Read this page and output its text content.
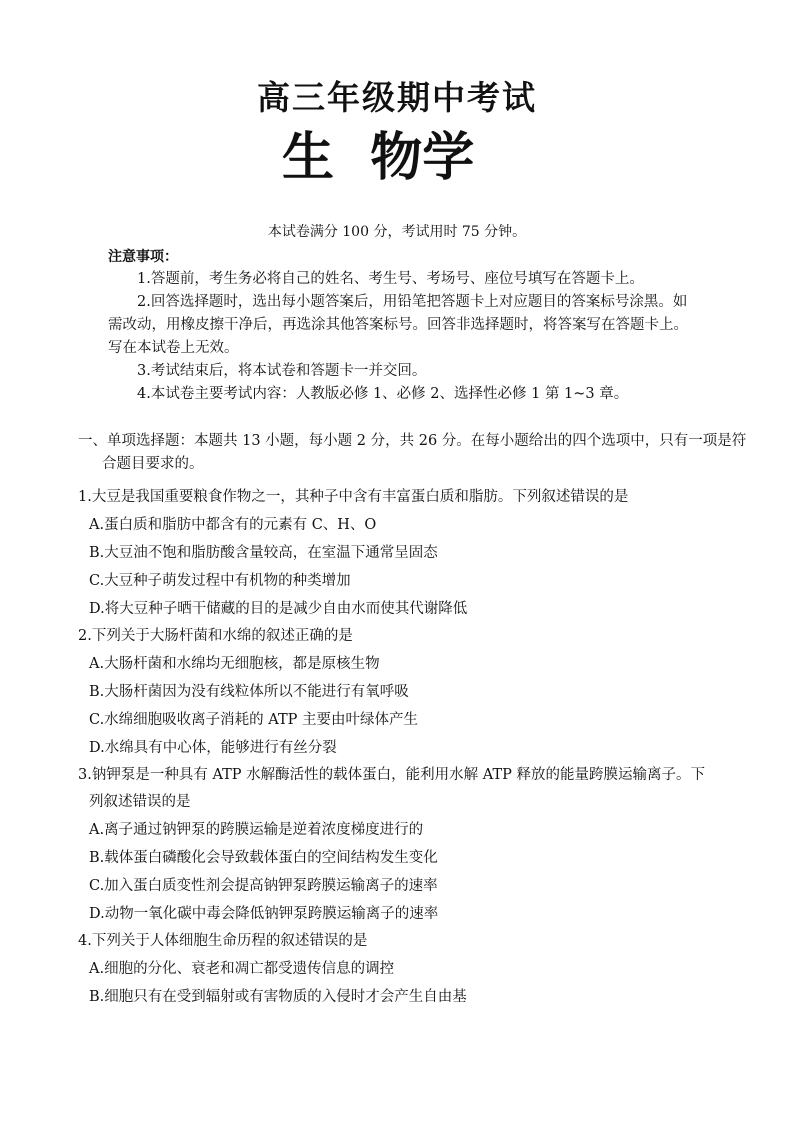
高三年级期中考试
生  物学
本试卷满分 100 分，考试用时 75 分钟。
注意事项：

1.答题前，考生务必将自己的姓名、考生号、考场号、座位号填写在答题卡上。

2.回答选择题时，选出每小题答案后，用铅笔把答题卡上对应题目的答案标号涂黑。如需改动，用橡皮擦干净后，再选涂其他答案标号。回答非选择题时，将答案写在答题卡上。写在本试卷上无效。

3.考试结束后，将本试卷和答题卡一并交回。

4.本试卷主要考试内容：人教版必修 1、必修 2、选择性必修 1 第 1~3 章。

一、单项选择题：本题共 13 小题，每小题 2 分，共 26 分。在每小题给出的四个选项中，只有一项是符合题目要求的。

1.大豆是我国重要粮食作物之一，其种子中含有丰富蛋白质和脂肪。下列叙述错误的是

A.蛋白质和脂肪中都含有的元素有 C、H、O

B.大豆油不饱和脂肪酸含量较高，在室温下通常呈固态

C.大豆种子萌发过程中有机物的种类增加

D.将大豆种子晒干储藏的目的是减少自由水而使其代谢降低

2.下列关于大肠杆菌和水绵的叙述正确的是

A.大肠杆菌和水绵均无细胞核，都是原核生物

B.大肠杆菌因为没有线粒体所以不能进行有氧呼吸

C.水绵细胞吸收离子消耗的 ATP 主要由叶绿体产生

D.水绵具有中心体，能够进行有丝分裂

3.钠钾泵是一种具有 ATP 水解酶活性的载体蛋白，能利用水解 ATP 释放的能量跨膜运输离子。下列叙述错误的是

A.离子通过钠钾泵的跨膜运输是逆着浓度梯度进行的

B.载体蛋白磷酸化会导致载体蛋白的空间结构发生变化

C.加入蛋白质变性剂会提高钠钾泵跨膜运输离子的速率

D.动物一氧化碳中毒会降低钠钾泵跨膜运输离子的速率

4.下列关于人体细胞生命历程的叙述错误的是

A.细胞的分化、衰老和凋亡都受遗传信息的调控

B.细胞只有在受到辐射或有害物质的入侵时才会产生自由基
